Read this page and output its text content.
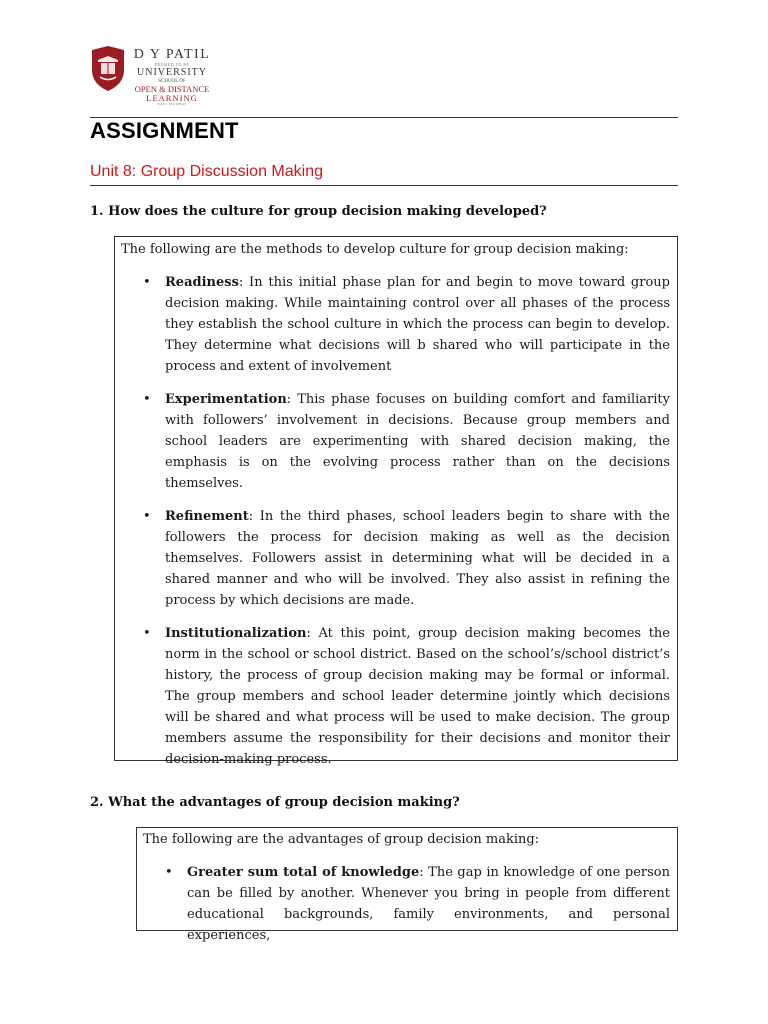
D Y PATIL
DEEMED TO BE
UNIVERSITY
SCHOOL OF
OPEN & DISTANCE
LEARNING
NAVI MUMBAI
ASSIGNMENT
Unit 8: Group Discussion Making
1. How does the culture for group decision making developed?

The following are the methods to develop culture for group decision making:

• Readiness: In this initial phase plan for and begin to move toward group decision making. While maintaining control over all phases of the process they establish the school culture in which the process can begin to develop. They determine what decisions will b shared who will participate in the process and extent of involvement
• Experimentation: This phase focuses on building comfort and familiarity with followers’ involvement in decisions. Because group members and school leaders are experimenting with shared decision making, the emphasis is on the evolving process rather than on the decisions themselves.
• Refinement: In the third phases, school leaders begin to share with the followers the process for decision making as well as the decision themselves. Followers assist in determining what will be decided in a shared manner and who will be involved. They also assist in refining the process by which decisions are made.
• Institutionalization: At this point, group decision making becomes the norm in the school or school district. Based on the school’s/school district’s history, the process of group decision making may be formal or informal. The group members and school leader determine jointly which decisions will be shared and what process will be used to make decision. The group members assume the responsibility for their decisions and monitor their decision-making process.
2. What the advantages of group decision making?

The following are the advantages of group decision making:

• Greater sum total of knowledge: The gap in knowledge of one person can be filled by another. Whenever you bring in people from different educational backgrounds, family environments, and personal experiences,
